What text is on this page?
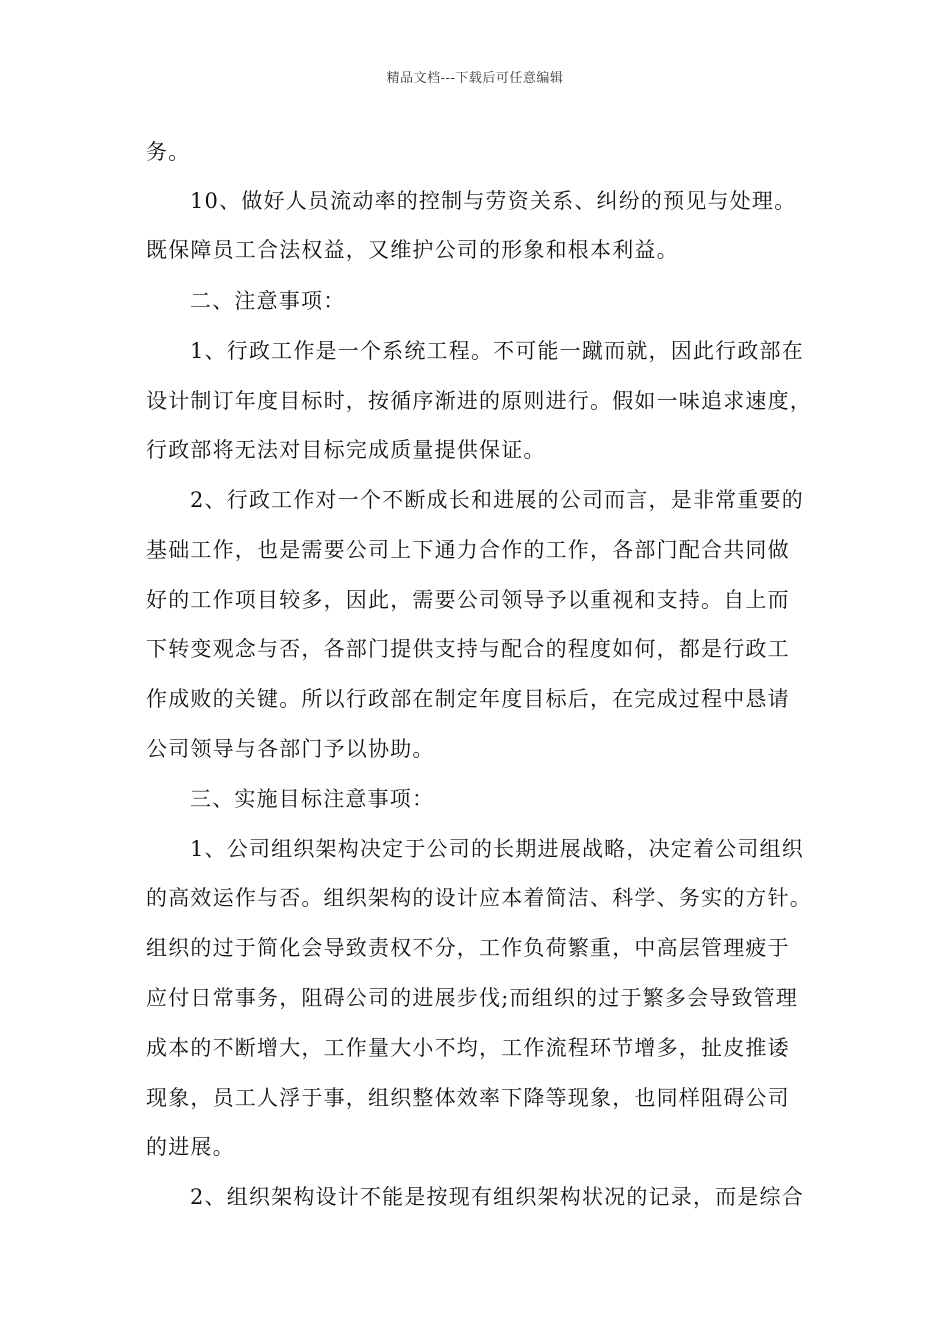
精品文档---下载后可任意编辑
务。
10、做好人员流动率的控制与劳资关系、纠纷的预见与处理。
既保障员工合法权益，又维护公司的形象和根本利益。
二、注意事项：
1、行政工作是一个系统工程。不可能一蹴而就，因此行政部在
设计制订年度目标时，按循序渐进的原则进行。假如一味追求速度，
行政部将无法对目标完成质量提供保证。
2、行政工作对一个不断成长和进展的公司而言，是非常重要的
基础工作，也是需要公司上下通力合作的工作，各部门配合共同做
好的工作项目较多，因此，需要公司领导予以重视和支持。自上而
下转变观念与否，各部门提供支持与配合的程度如何，都是行政工
作成败的关键。所以行政部在制定年度目标后，在完成过程中恳请
公司领导与各部门予以协助。
三、实施目标注意事项：
1、公司组织架构决定于公司的长期进展战略，决定着公司组织
的高效运作与否。组织架构的设计应本着简洁、科学、务实的方针。
组织的过于简化会导致责权不分，工作负荷繁重，中高层管理疲于
应付日常事务，阻碍公司的进展步伐;而组织的过于繁多会导致管理
成本的不断增大，工作量大小不均，工作流程环节增多，扯皮推诿
现象，员工人浮于事，组织整体效率下降等现象，也同样阻碍公司
的进展。
2、组织架构设计不能是按现有组织架构状况的记录，而是综合
